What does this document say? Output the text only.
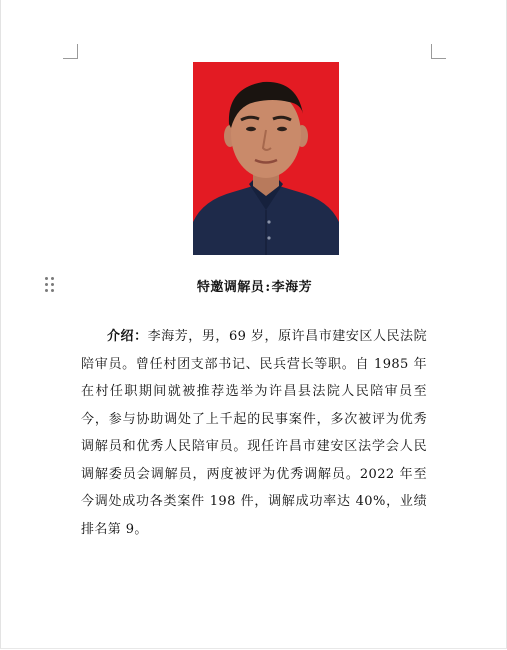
特邀调解员:李海芳

介绍：李海芳，男，69 岁，原许昌市建安区人民法院陪审员。曾任村团支部书记、民兵营长等职。自 1985 年在村任职期间就被推荐选举为许昌县法院人民陪审员至今，参与协助调处了上千起的民事案件，多次被评为优秀调解员和优秀人民陪审员。现任许昌市建安区法学会人民调解委员会调解员，两度被评为优秀调解员。2022 年至今调处成功各类案件 198 件，调解成功率达 40%，业绩排名第 9。
